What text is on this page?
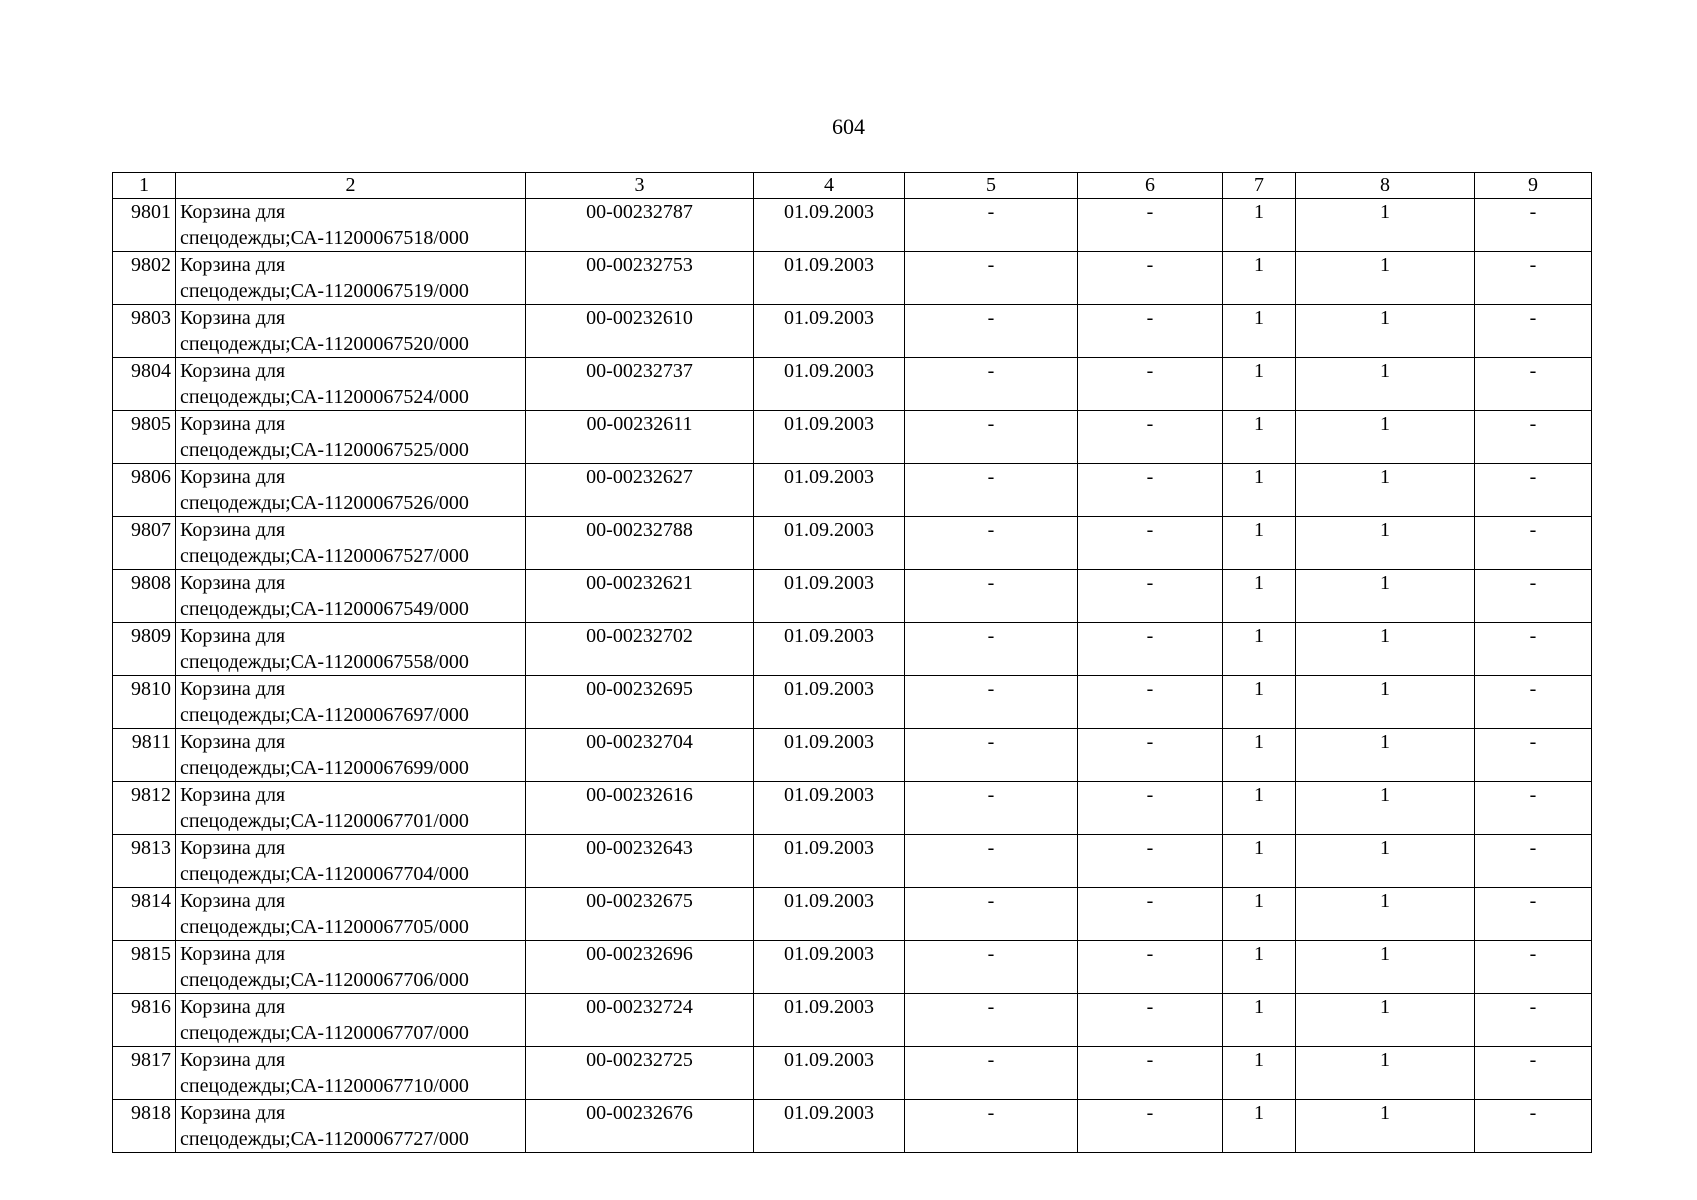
604
1	2	3	4	5	6	7	8	9
9801	Корзина для
спецодежды;СА-11200067518/000	00-00232787	01.09.2003	-	-	1	1	-
9802	Корзина для
спецодежды;СА-11200067519/000	00-00232753	01.09.2003	-	-	1	1	-
9803	Корзина для
спецодежды;СА-11200067520/000	00-00232610	01.09.2003	-	-	1	1	-
9804	Корзина для
спецодежды;СА-11200067524/000	00-00232737	01.09.2003	-	-	1	1	-
9805	Корзина для
спецодежды;СА-11200067525/000	00-00232611	01.09.2003	-	-	1	1	-
9806	Корзина для
спецодежды;СА-11200067526/000	00-00232627	01.09.2003	-	-	1	1	-
9807	Корзина для
спецодежды;СА-11200067527/000	00-00232788	01.09.2003	-	-	1	1	-
9808	Корзина для
спецодежды;СА-11200067549/000	00-00232621	01.09.2003	-	-	1	1	-
9809	Корзина для
спецодежды;СА-11200067558/000	00-00232702	01.09.2003	-	-	1	1	-
9810	Корзина для
спецодежды;СА-11200067697/000	00-00232695	01.09.2003	-	-	1	1	-
9811	Корзина для
спецодежды;СА-11200067699/000	00-00232704	01.09.2003	-	-	1	1	-
9812	Корзина для
спецодежды;СА-11200067701/000	00-00232616	01.09.2003	-	-	1	1	-
9813	Корзина для
спецодежды;СА-11200067704/000	00-00232643	01.09.2003	-	-	1	1	-
9814	Корзина для
спецодежды;СА-11200067705/000	00-00232675	01.09.2003	-	-	1	1	-
9815	Корзина для
спецодежды;СА-11200067706/000	00-00232696	01.09.2003	-	-	1	1	-
9816	Корзина для
спецодежды;СА-11200067707/000	00-00232724	01.09.2003	-	-	1	1	-
9817	Корзина для
спецодежды;СА-11200067710/000	00-00232725	01.09.2003	-	-	1	1	-
9818	Корзина для
спецодежды;СА-11200067727/000	00-00232676	01.09.2003	-	-	1	1	-
